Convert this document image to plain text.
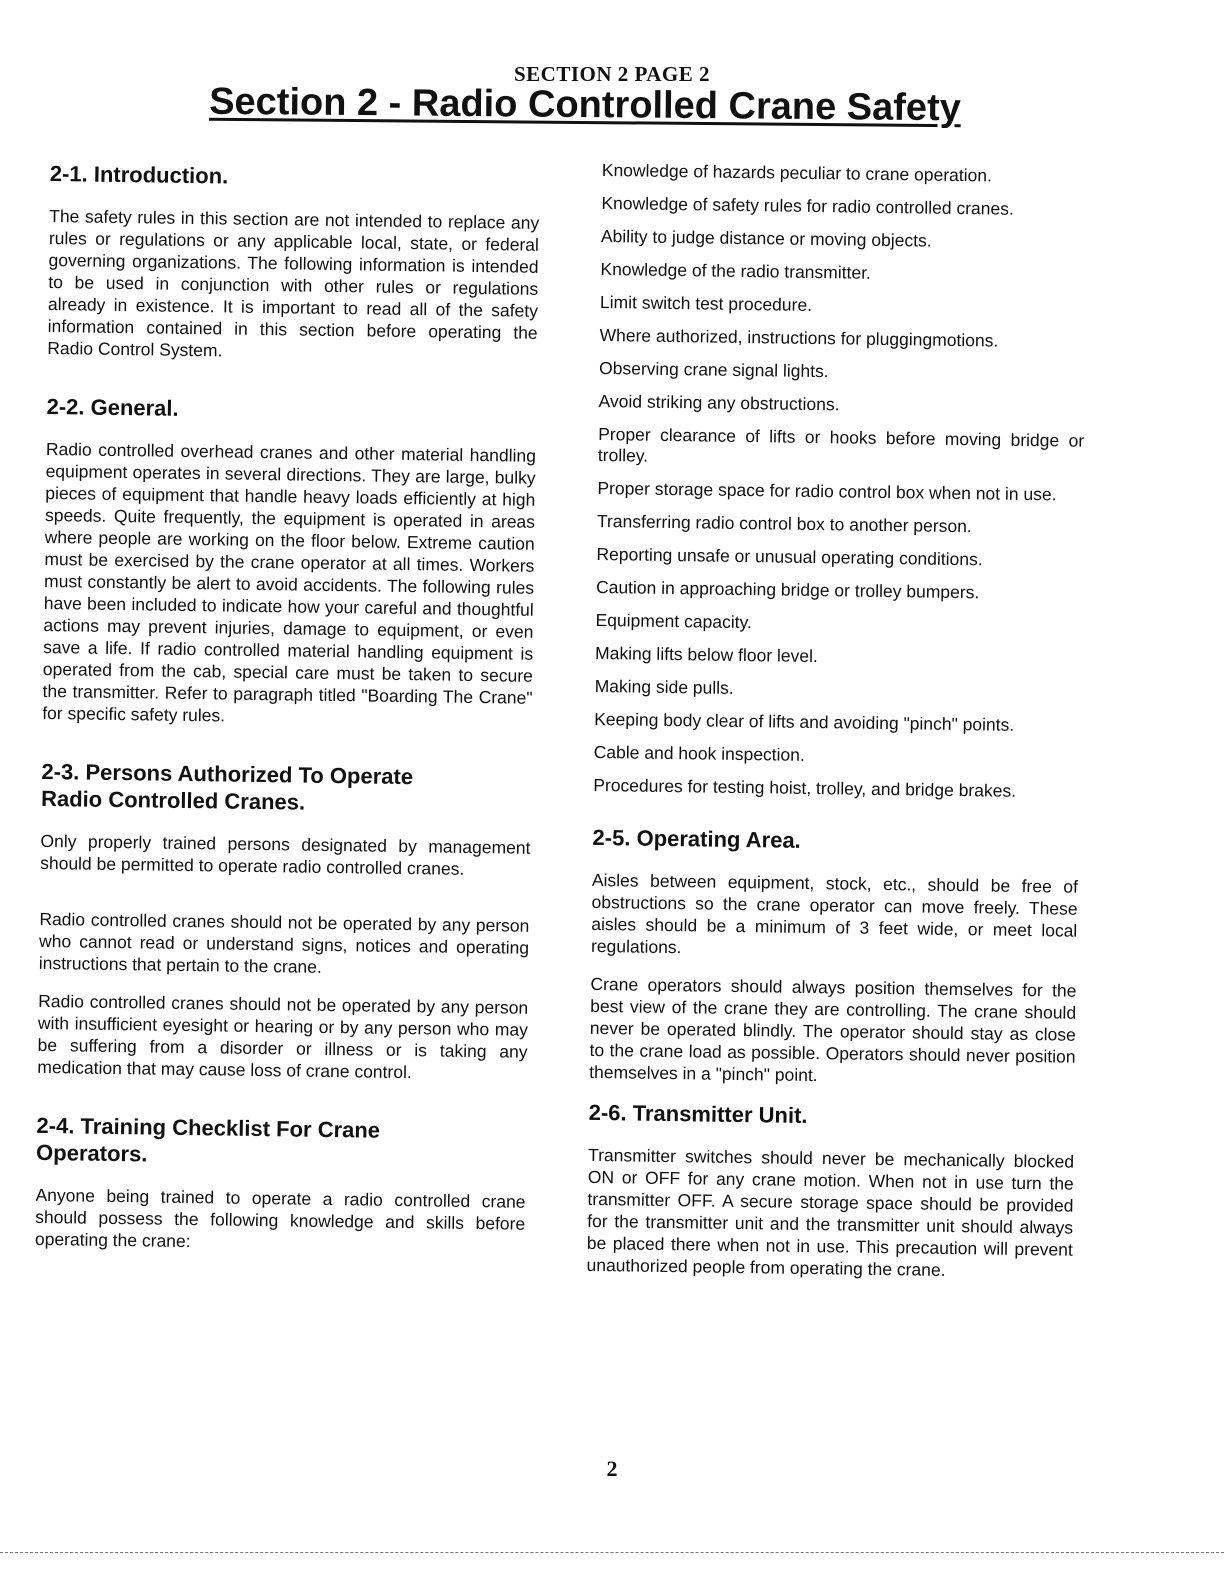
SECTION 2 PAGE 2
Section 2 - Radio Controlled Crane Safety
2-1. Introduction.

The safety rules in this section are not intended to replace any rules or regulations or any applicable local, state, or federal governing organizations. The following information is intended to be used in conjunction with other rules or regulations already in existence. It is important to read all of the safety information contained in this section before operating the Radio Control System.

2-2. General.

Radio controlled overhead cranes and other material handling equipment operates in several directions. They are large, bulky pieces of equipment that handle heavy loads efficiently at high speeds. Quite frequently, the equipment is operated in areas where people are working on the floor below. Extreme caution must be exercised by the crane operator at all times. Workers must constantly be alert to avoid accidents. The following rules have been included to indicate how your careful and thoughtful actions may prevent injuries, damage to equipment, or even save a life. If radio controlled material handling equipment is operated from the cab, special care must be taken to secure the transmitter. Refer to paragraph titled "Boarding The Crane" for specific safety rules.

2-3. Persons Authorized To Operate Radio Controlled Cranes.

Only properly trained persons designated by management should be permitted to operate radio controlled cranes.

Radio controlled cranes should not be operated by any person who cannot read or understand signs, notices and operating instructions that pertain to the crane.

Radio controlled cranes should not be operated by any person with insufficient eyesight or hearing or by any person who may be suffering from a disorder or illness or is taking any medication that may cause loss of crane control.

2-4. Training Checklist For Crane Operators.

Anyone being trained to operate a radio controlled crane should possess the following knowledge and skills before operating the crane:

Knowledge of hazards peculiar to crane operation.
Knowledge of safety rules for radio controlled cranes.
Ability to judge distance or moving objects.
Knowledge of the radio transmitter.
Limit switch test procedure.
Where authorized, instructions for pluggingmotions.
Observing crane signal lights.
Avoid striking any obstructions.
Proper clearance of lifts or hooks before moving bridge or trolley.
Proper storage space for radio control box when not in use.
Transferring radio control box to another person.
Reporting unsafe or unusual operating conditions.
Caution in approaching bridge or trolley bumpers.
Equipment capacity.
Making lifts below floor level.
Making side pulls.
Keeping body clear of lifts and avoiding "pinch" points.
Cable and hook inspection.
Procedures for testing hoist, trolley, and bridge brakes.
2-5. Operating Area.

Aisles between equipment, stock, etc., should be free of obstructions so the crane operator can move freely. These aisles should be a minimum of 3 feet wide, or meet local regulations.

Crane operators should always position themselves for the best view of the crane they are controlling. The crane should never be operated blindly. The operator should stay as close to the crane load as possible. Operators should never position themselves in a "pinch" point.

2-6. Transmitter Unit.

Transmitter switches should never be mechanically blocked ON or OFF for any crane motion. When not in use turn the transmitter OFF. A secure storage space should be provided for the transmitter unit and the transmitter unit should always be placed there when not in use. This precaution will prevent unauthorized people from operating the crane.

2
